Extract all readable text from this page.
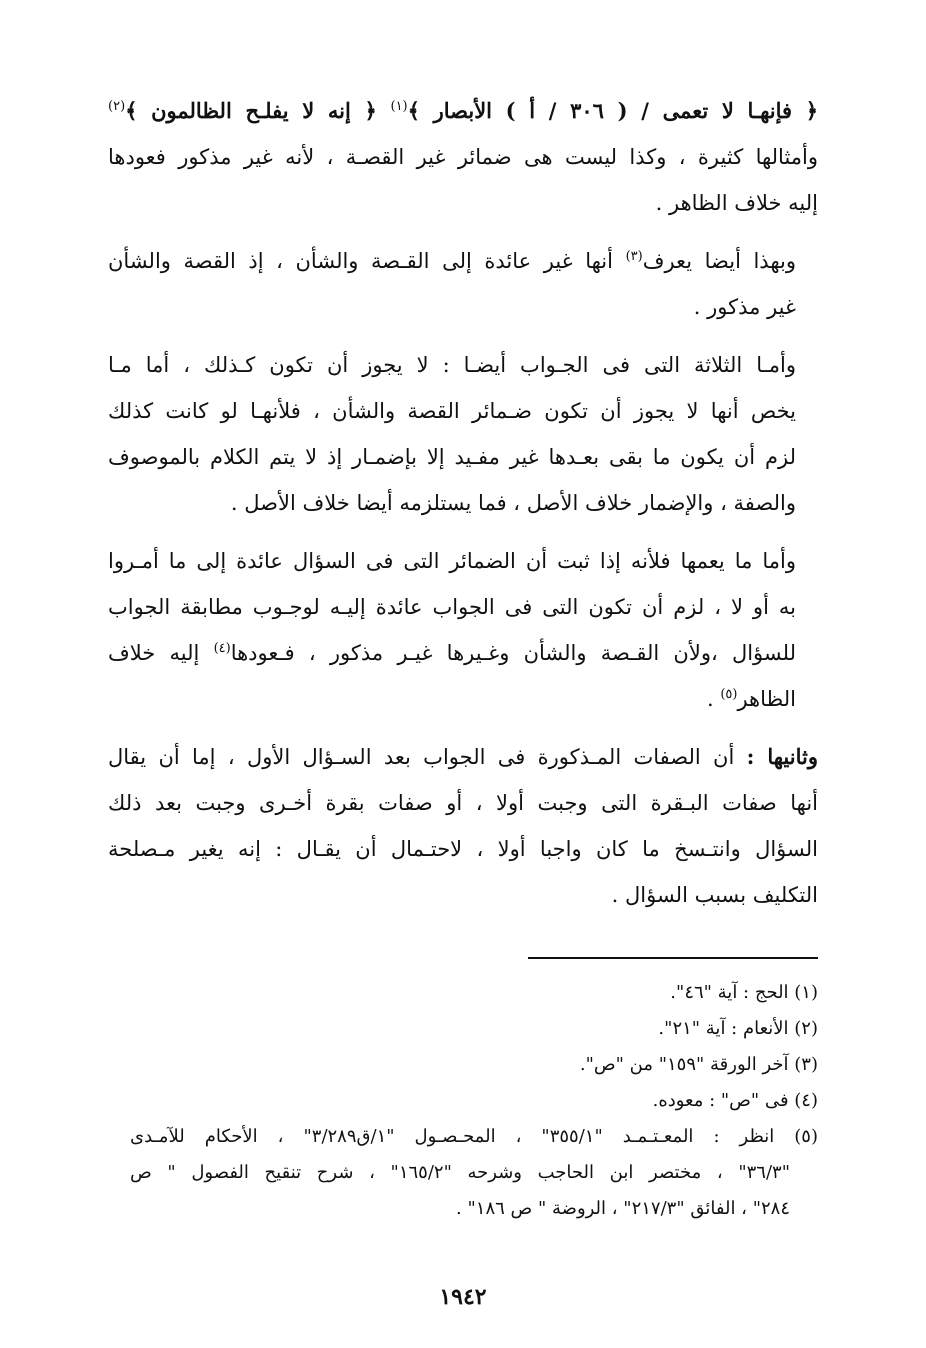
﴿ فإنهـا لا تعمى / ( ٣٠٦ / أ ) الأبصار ﴾$^{(١)}$ ﴿ إنه لا يفلـح الظالمون ﴾$^{(٢)}$
وأمثالها كثيرة ، وكذا ليست هى ضمائر غير القصـة ، لأنه غير مذكور فعودها
إليه خلاف الظاهر .
وبهذا أيضا يعرف$^{(٣)}$ أنها غير عائدة إلى القـصة والشأن ، إذ القصة والشأن
غير مذكور .
وأمـا الثلاثة التى فى الجـواب أيضـا : لا يجوز أن تكون كـذلك ، أما مـا
يخص أنها لا يجوز أن تكون ضـمائر القصة والشأن ، فلأنهـا لو كانت كذلك
لزم أن يكون ما بقى بعـدها غير مفـيد إلا بإضمـار إذ لا يتم الكلام بالموصوف
والصفة ، والإضمار خلاف الأصل ، فما يستلزمه أيضا خلاف الأصل .
وأما ما يعمها فلأنه إذا ثبت أن الضمائر التى فى السؤال عائدة إلى ما أمـروا
به أو لا ، لزم أن تكون التى فى الجواب عائدة إليـه لوجـوب مطابقة الجواب
للسؤال ،ولأن القـصة والشأن وغـيرها غيـر مذكور ، فـعودها$^{(٤)}$ إليه خلاف
الظاهر$^{(٥)}$ .
وثانيها : أن الصفات المـذكورة فى الجواب بعد السـؤال الأول ، إما أن يقال
أنها صفات البـقرة التى وجبت أولا ، أو صفات بقرة أخـرى وجبت بعد ذلك
السؤال وانتـسخ ما كان واجبا أولا ، لاحتـمال أن يقـال : إنه يغير مـصلحة
التكليف بسبب السؤال .
(١) الحج : آية "٤٦".
(٢) الأنعام : آية "٢١".
(٣) آخر الورقة "١٥٩" من "ص".
(٤) فى "ص" : معوده.
(٥) انظر : المعـتـمـد "٣٥٥/١" ، المحـصـول "١/ق٣/٢٨٩" ، الأحكام للآمـدى
"٣٦/٣" ، مختصر ابن الحاجب وشرحه "١٦٥/٢" ، شرح تنقيح الفصول " ص
٢٨٤" ، الفائق "٢١٧/٣" ، الروضة " ص ١٨٦" .
١٩٤٢
